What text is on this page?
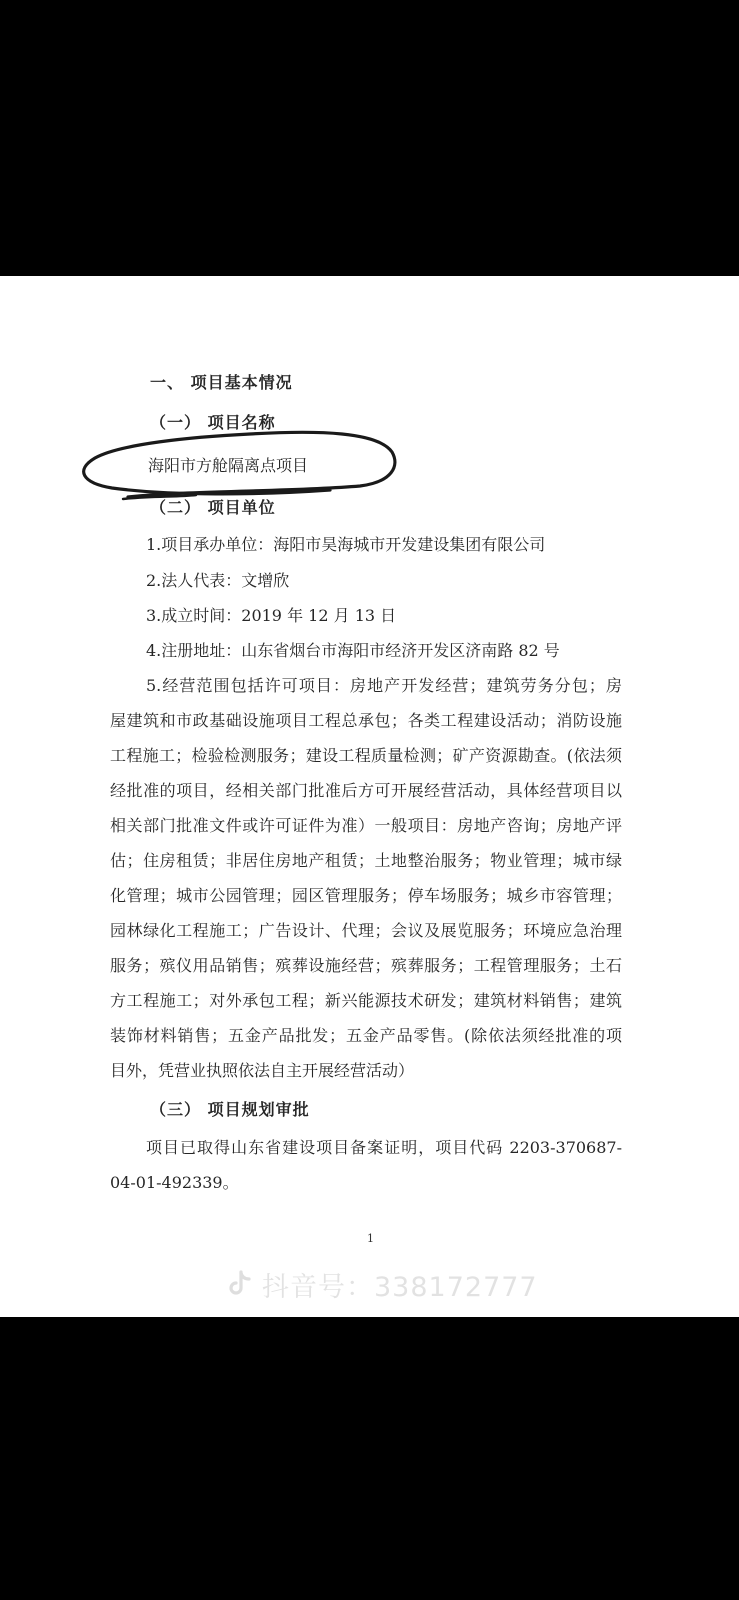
一、 项目基本情况
（一） 项目名称
海阳市方舱隔离点项目
（二） 项目单位
1.项目承办单位：海阳市昊海城市开发建设集团有限公司
2.法人代表：文增欣
3.成立时间：2019 年 12 月 13 日
4.注册地址：山东省烟台市海阳市经济开发区济南路 82 号
5.经营范围包括许可项目：房地产开发经营；建筑劳务分包；房
屋建筑和市政基础设施项目工程总承包；各类工程建设活动；消防设施
工程施工；检验检测服务；建设工程质量检测；矿产资源勘查。(依法须
经批准的项目，经相关部门批准后方可开展经营活动，具体经营项目以
相关部门批准文件或许可证件为准）一般项目：房地产咨询；房地产评
估；住房租赁；非居住房地产租赁；土地整治服务；物业管理；城市绿
化管理；城市公园管理；园区管理服务；停车场服务；城乡市容管理；
园林绿化工程施工；广告设计、代理；会议及展览服务；环境应急治理
服务；殡仪用品销售；殡葬设施经营；殡葬服务；工程管理服务；土石
方工程施工；对外承包工程；新兴能源技术研发；建筑材料销售；建筑
装饰材料销售；五金产品批发；五金产品零售。(除依法须经批准的项
目外，凭营业执照依法自主开展经营活动）
（三） 项目规划审批
项目已取得山东省建设项目备案证明，项目代码 2203-370687-
04-01-492339。
1
抖音号：338172777
